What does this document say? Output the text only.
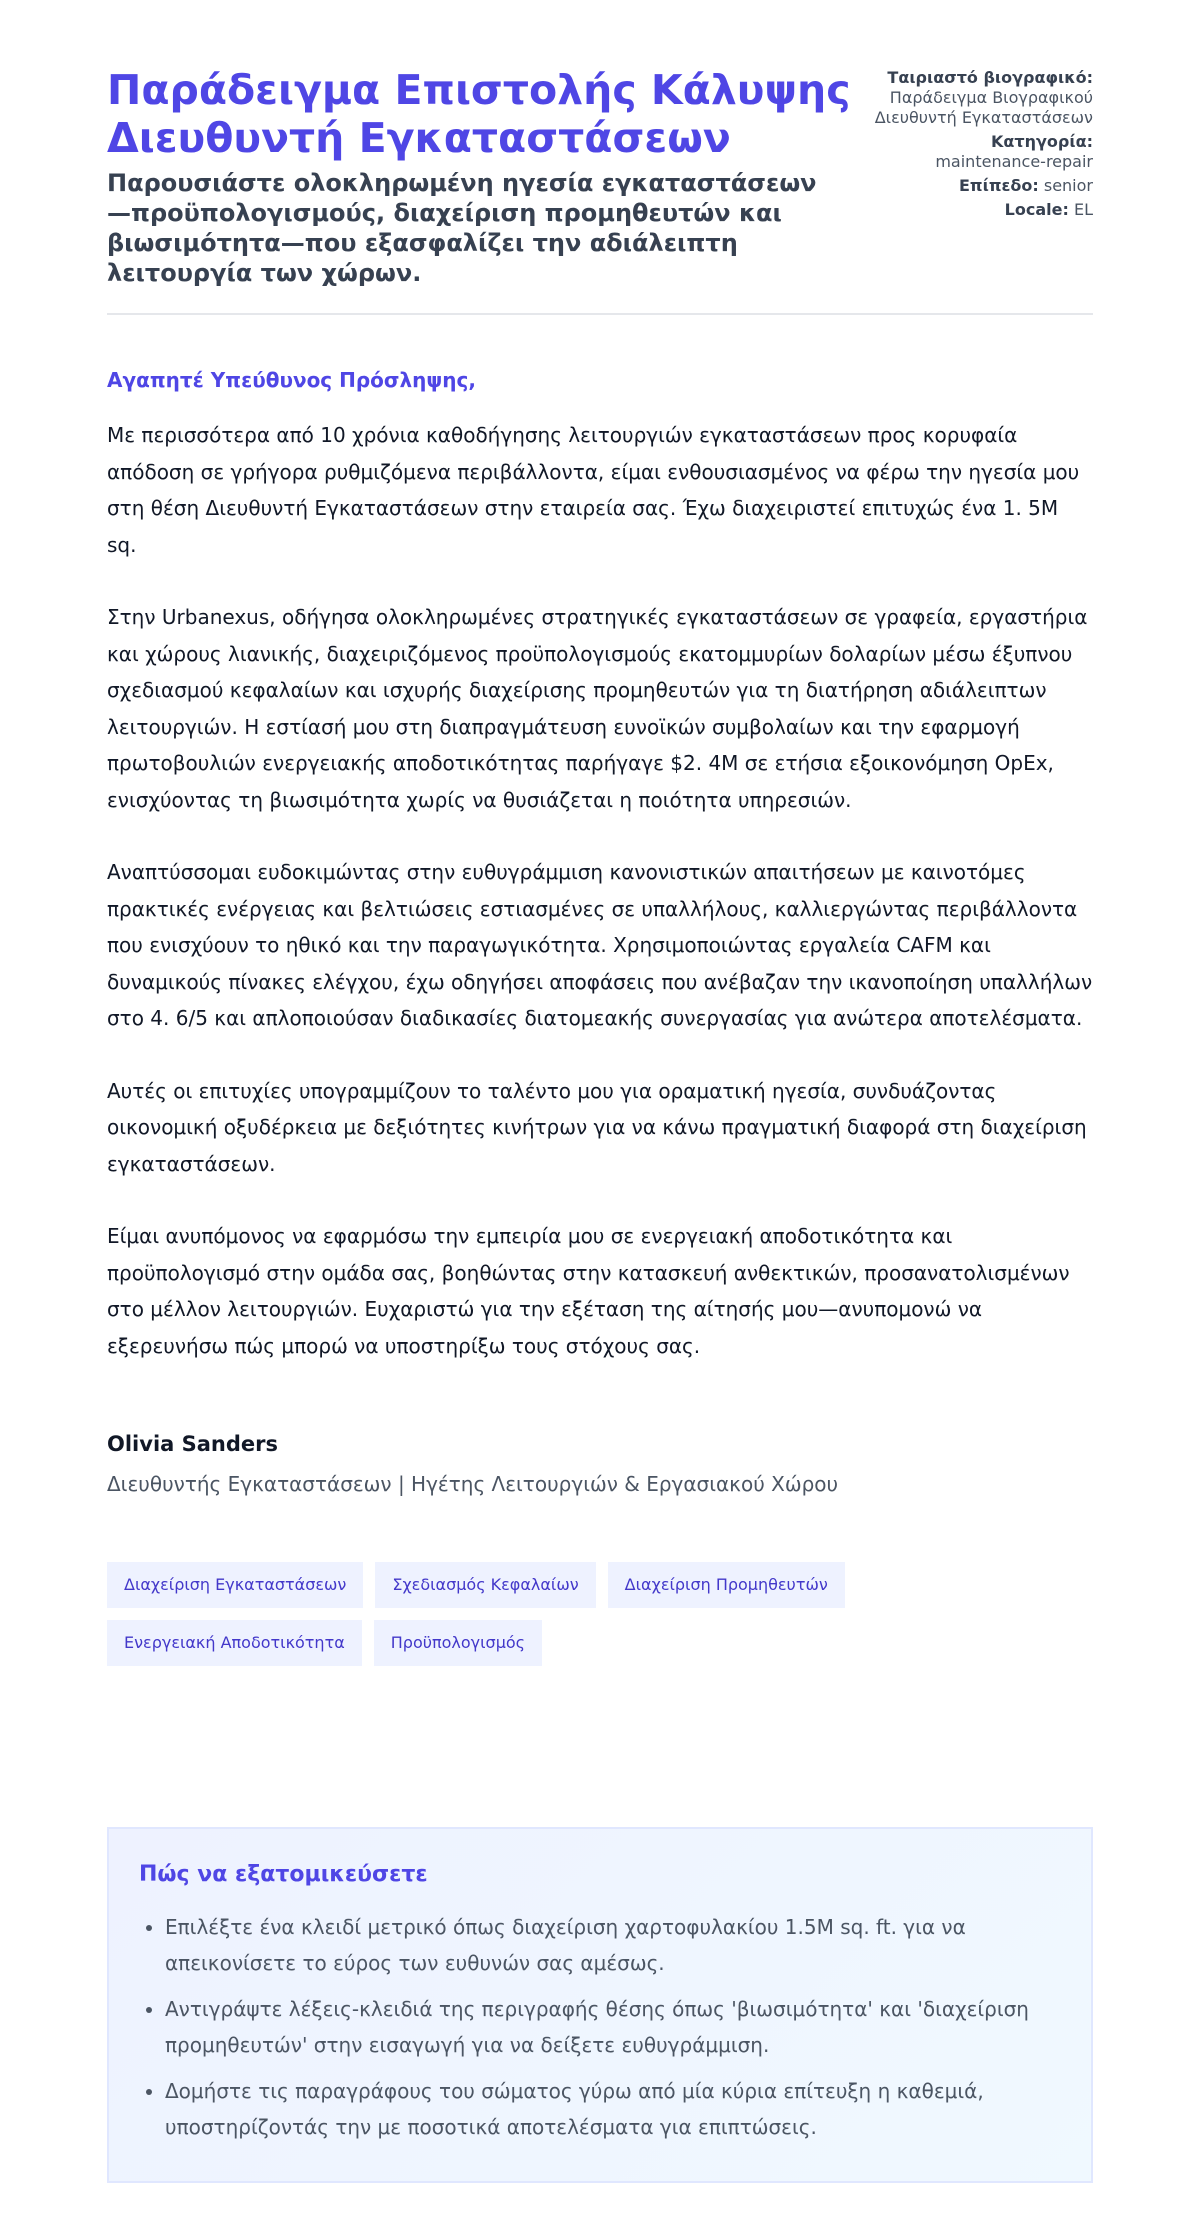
Παράδειγμα Επιστολής Κάλυψης Διευθυντή Εγκαταστάσεων

Παρουσιάστε ολοκληρωμένη ηγεσία εγκαταστάσεων—προϋπολογισμούς, διαχείριση προμηθευτών και βιωσιμότητα—που εξασφαλίζει την αδιάλειπτη λειτουργία των χώρων.

Ταιριαστό βιογραφικό:
Παράδειγμα Βιογραφικού Διευθυντή Εγκαταστάσεων
Κατηγορία:
maintenance-repair
Επίπεδο: senior
Locale: EL
Αγαπητέ Υπεύθυνος Πρόσληψης,

Με περισσότερα από 10 χρόνια καθοδήγησης λειτουργιών εγκαταστάσεων προς κορυφαία απόδοση σε γρήγορα ρυθμιζόμενα περιβάλλοντα, είμαι ενθουσιασμένος να φέρω την ηγεσία μου στη θέση Διευθυντή Εγκαταστάσεων στην εταιρεία σας. Έχω διαχειριστεί επιτυχώς ένα 1. 5M sq.

Στην Urbanexus, οδήγησα ολοκληρωμένες στρατηγικές εγκαταστάσεων σε γραφεία, εργαστήρια και χώρους λιανικής, διαχειριζόμενος προϋπολογισμούς εκατομμυρίων δολαρίων μέσω έξυπνου σχεδιασμού κεφαλαίων και ισχυρής διαχείρισης προμηθευτών για τη διατήρηση αδιάλειπτων λειτουργιών. Η εστίασή μου στη διαπραγμάτευση ευνοϊκών συμβολαίων και την εφαρμογή πρωτοβουλιών ενεργειακής αποδοτικότητας παρήγαγε $2. 4M σε ετήσια εξοικονόμηση OpEx, ενισχύοντας τη βιωσιμότητα χωρίς να θυσιάζεται η ποιότητα υπηρεσιών.

Αναπτύσσομαι ευδοκιμώντας στην ευθυγράμμιση κανονιστικών απαιτήσεων με καινοτόμες πρακτικές ενέργειας και βελτιώσεις εστιασμένες σε υπαλλήλους, καλλιεργώντας περιβάλλοντα που ενισχύουν το ηθικό και την παραγωγικότητα. Χρησιμοποιώντας εργαλεία CAFM και δυναμικούς πίνακες ελέγχου, έχω οδηγήσει αποφάσεις που ανέβαζαν την ικανοποίηση υπαλλήλων στο 4. 6/5 και απλοποιούσαν διαδικασίες διατομεακής συνεργασίας για ανώτερα αποτελέσματα.

Αυτές οι επιτυχίες υπογραμμίζουν το ταλέντο μου για οραματική ηγεσία, συνδυάζοντας οικονομική οξυδέρκεια με δεξιότητες κινήτρων για να κάνω πραγματική διαφορά στη διαχείριση εγκαταστάσεων.

Είμαι ανυπόμονος να εφαρμόσω την εμπειρία μου σε ενεργειακή αποδοτικότητα και προϋπολογισμό στην ομάδα σας, βοηθώντας στην κατασκευή ανθεκτικών, προσανατολισμένων στο μέλλον λειτουργιών. Ευχαριστώ για την εξέταση της αίτησής μου—ανυπομονώ να εξερευνήσω πώς μπορώ να υποστηρίξω τους στόχους σας.

Olivia Sanders
Διευθυντής Εγκαταστάσεων | Ηγέτης Λειτουργιών & Εργασιακού Χώρου
Διαχείριση Εγκαταστάσεων	Σχεδιασμός Κεφαλαίων	Διαχείριση Προμηθευτών
Ενεργειακή Αποδοτικότητα	Προϋπολογισμός
Πώς να εξατομικεύσετε
• Επιλέξτε ένα κλειδί μετρικό όπως διαχείριση χαρτοφυλακίου 1.5M sq. ft. για να απεικονίσετε το εύρος των ευθυνών σας αμέσως.
• Αντιγράψτε λέξεις-κλειδιά της περιγραφής θέσης όπως 'βιωσιμότητα' και 'διαχείριση προμηθευτών' στην εισαγωγή για να δείξετε ευθυγράμμιση.
• Δομήστε τις παραγράφους του σώματος γύρω από μία κύρια επίτευξη η καθεμιά, υποστηρίζοντάς την με ποσοτικά αποτελέσματα για επιπτώσεις.
